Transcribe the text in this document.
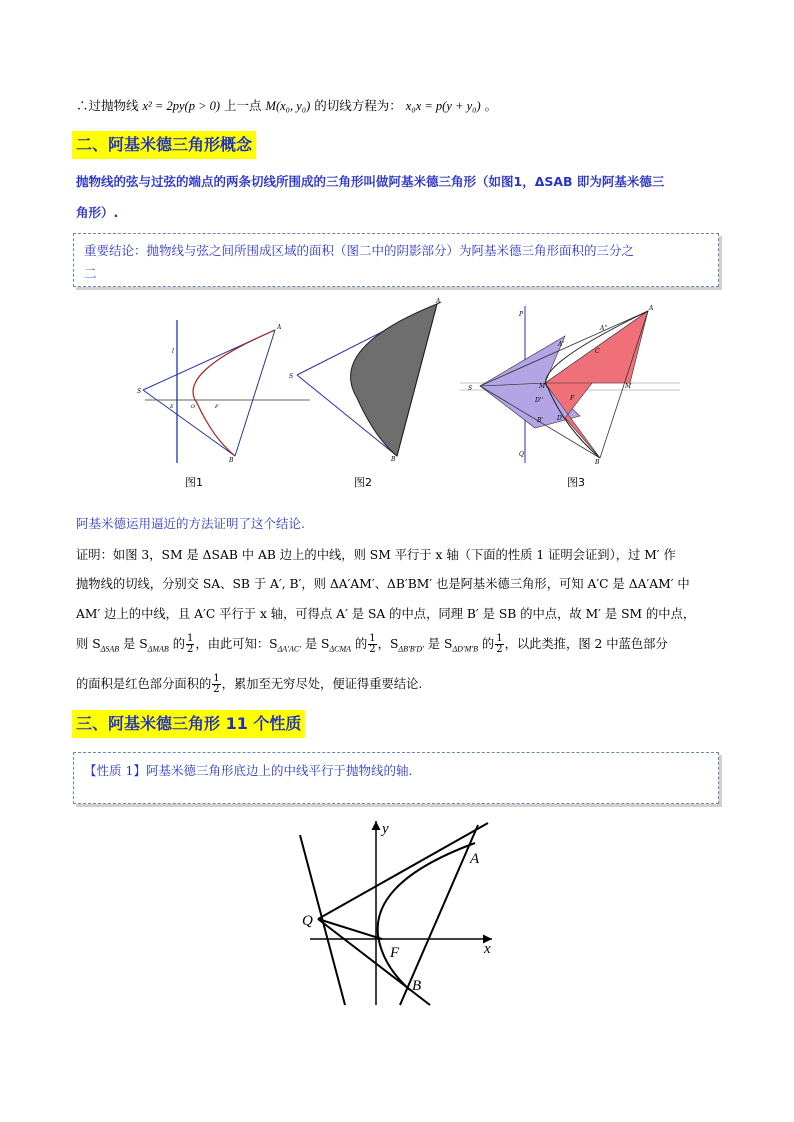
∴过抛物线 x² = 2py(p > 0) 上一点 M(x₀, y₀) 的切线方程为： x₀x = p(y + y₀) 。
二、阿基米德三角形概念
抛物线的弦与过弦的端点的两条切线所围成的三角形叫做阿基米德三角形（如图1，ΔSAB 即为阿基米德三
角形）.
重要结论：抛物线与弦之间所围成区域的面积（图二中的阴影部分）为阿基米德三角形面积的三分之
二
A
B
S
l
E	O	F
A
B
S
A
B
S
P
Q
M
M'
C
A'
A''
B' D'
D''	F
图1	图2	图3
阿基米德运用逼近的方法证明了这个结论.
证明：如图 3，SM 是 ΔSAB 中 AB 边上的中线，则 SM 平行于 x 轴（下面的性质 1 证明会证到），过 M′ 作
抛物线的切线，分别交 SA、SB 于 A′, B′，则 ΔA′AM′、ΔB′BM′ 也是阿基米德三角形，可知 A′C 是 ΔA′AM′ 中
AM′ 边上的中线，且 A′C 平行于 x 轴，可得点 A′ 是 SA 的中点，同理 B′ 是 SB 的中点，故 M′ 是 SM 的中点，
则 $S_{\Delta SAB}$ 是 $S_{\Delta MAB}$ 的 $\frac{1}{2}$ ，由此可知：$S_{\Delta A'AC'}$ 是 $S_{\Delta CMA}$ 的 $\frac{1}{2}$ ，$S_{\Delta B'B'D'}$ 是 $S_{\Delta D'M'B}$ 的 $\frac{1}{2}$ ，以此类推，图 2 中蓝色部分
的面积是红色部分面积的 $\frac{1}{2}$ ，累加至无穷尽处，便证得重要结论.
三、阿基米德三角形 11 个性质
【性质 1】阿基米德三角形底边上的中线平行于抛物线的轴.
y
x
A
B
Q
F
